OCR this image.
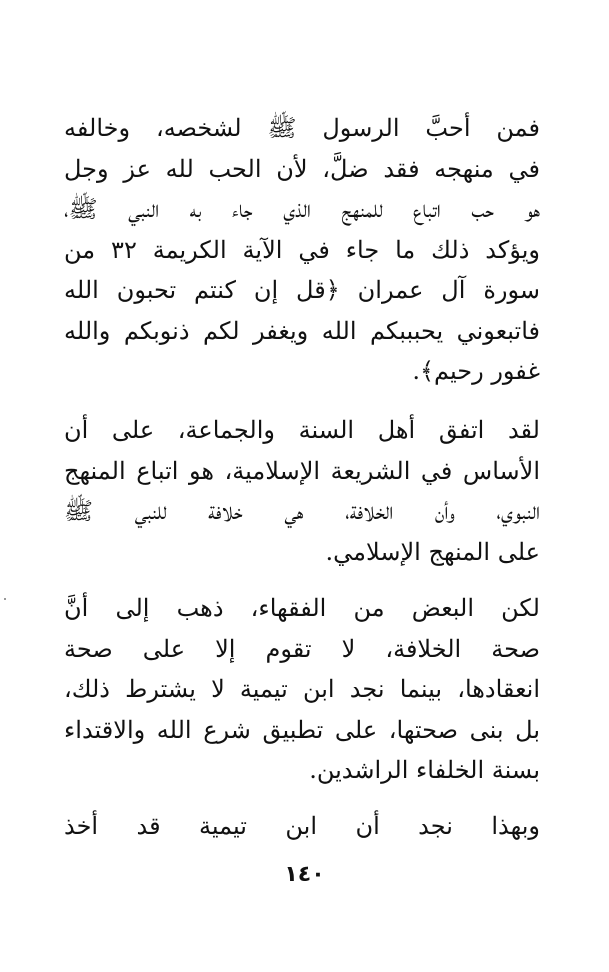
فمن أحبَّ الرسول ﷺ لشخصه، وخالفه
في منهجه فقد ضلَّ، لأن الحب لله عز وجل
هو حب اتباع للمنهج الذي جاء به النبي ﷺ،
ويؤكد ذلك ما جاء في الآية الكريمة ٣٢ من
سورة آل عمران ﴿قل إن كنتم تحبون الله
فاتبعوني يحبببكم الله ويغفر لكم ذنوبكم والله
غفور رحيم﴾.
لقد اتفق أهل السنة والجماعة، على أن
الأساس في الشريعة الإسلامية، هو اتباع المنهج
النبوي، وأن الخلافة، هي خلافة للنبي ﷺ
على المنهج الإسلامي.
لكن البعض من الفقهاء، ذهب إلى أنَّ
صحة الخلافة، لا تقوم إلا على صحة
انعقادها، بينما نجد ابن تيمية لا يشترط ذلك،
بل بنى صحتها، على تطبيق شرع الله والاقتداء
بسنة الخلفاء الراشدين.
وبهذا نجد أن ابن تيمية قد أخذ
١٤٠
